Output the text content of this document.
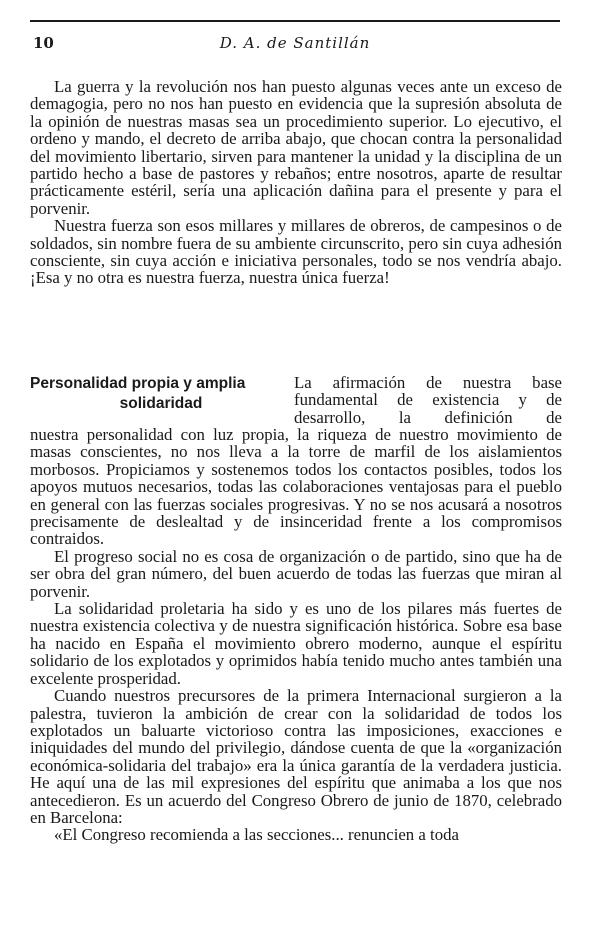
10	D. A. de Santillán

La guerra y la revolución nos han puesto algunas veces ante un exceso de demagogia, pero no nos han puesto en evidencia que la supresión absoluta de la opinión de nuestras masas sea un procedimiento superior. Lo ejecutivo, el ordeno y mando, el decreto de arriba abajo, que chocan contra la personalidad del movimiento libertario, sirven para mantener la unidad y la disciplina de un partido hecho a base de pastores y rebaños; entre nosotros, aparte de resultar prácticamente estéril, sería una aplicación dañina para el presente y para el porvenir.

Nuestra fuerza son esos millares y millares de obreros, de campesinos o de soldados, sin nombre fuera de su ambiente circunscrito, pero sin cuya adhesión consciente, sin cuya acción e iniciativa personales, todo se nos vendría abajo. ¡Esa y no otra es nuestra fuerza, nuestra única fuerza!

Personalidad propia y amplia
solidaridad

La afirmación de nuestra base

fundamental de existencia y de

desarrollo, la definición de

nuestra personalidad con luz propia, la riqueza de nuestro movimiento de masas conscientes, no nos lleva a la torre de marfil de los aislamientos morbosos. Propiciamos y sostenemos todos los contactos posibles, todos los apoyos mutuos necesarios, todas las colaboraciones ventajosas para el pueblo en general con las fuerzas sociales progresivas. Y no se nos acusará a nosotros precisamente de deslealtad y de insinceridad frente a los compromisos contraidos.

El progreso social no es cosa de organización o de partido, sino que ha de ser obra del gran número, del buen acuerdo de todas las fuerzas que miran al porvenir.

La solidaridad proletaria ha sido y es uno de los pilares más fuertes de nuestra existencia colectiva y de nuestra significación histórica. Sobre esa base ha nacido en España el movimiento obrero moderno, aunque el espíritu solidario de los explotados y oprimidos había tenido mucho antes también una excelente prosperidad.

Cuando nuestros precursores de la primera Internacional surgieron a la palestra, tuvieron la ambición de crear con la solidaridad de todos los explotados un baluarte victorioso contra las imposiciones, exacciones e iniquidades del mundo del privilegio, dándose cuenta de que la «organización económica-solidaria del trabajo» era la única garantía de la verdadera justicia. He aquí una de las mil expresiones del espíritu que animaba a los que nos antecedieron. Es un acuerdo del Congreso Obrero de junio de 1870, celebrado en Barcelona:

«El Congreso recomienda a las secciones... renuncien a toda
